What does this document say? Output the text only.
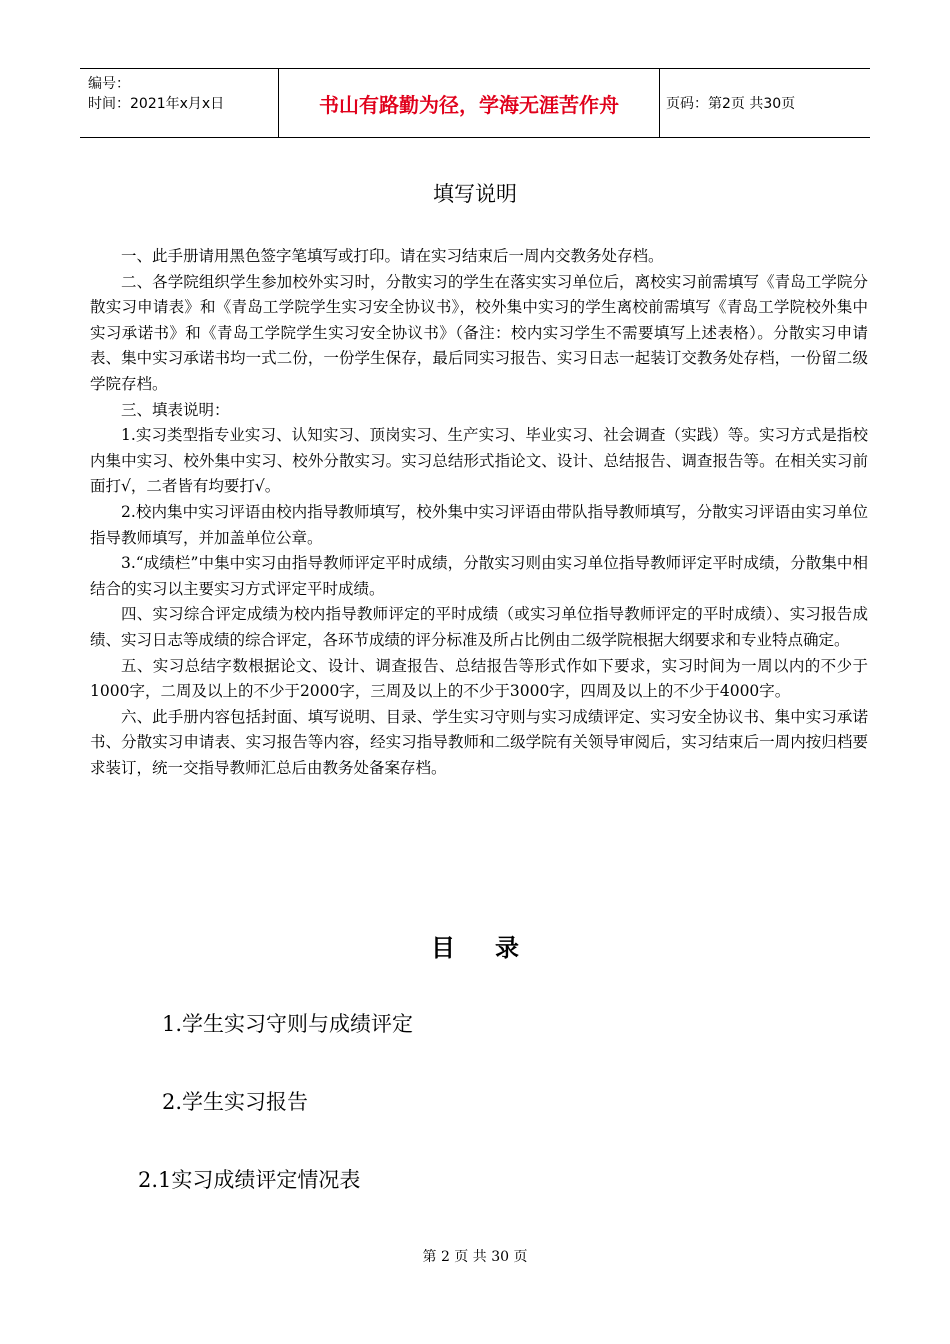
编号：
时间：2021年x月x日	书山有路勤为径，学海无涯苦作舟	页码：第2页 共30页
填写说明

一、此手册请用黑色签字笔填写或打印。请在实习结束后一周内交教务处存档。

二、各学院组织学生参加校外实习时，分散实习的学生在落实实习单位后，离校实习前需填写《青岛工学院分散实习申请表》和《青岛工学院学生实习安全协议书》，校外集中实习的学生离校前需填写《青岛工学院校外集中实习承诺书》和《青岛工学院学生实习安全协议书》（备注：校内实习学生不需要填写上述表格）。分散实习申请表、集中实习承诺书均一式二份，一份学生保存，最后同实习报告、实习日志一起装订交教务处存档，一份留二级学院存档。

三、填表说明：

1.实习类型指专业实习、认知实习、顶岗实习、生产实习、毕业实习、社会调查（实践）等。实习方式是指校内集中实习、校外集中实习、校外分散实习。实习总结形式指论文、设计、总结报告、调查报告等。在相关实习前面打√，二者皆有均要打√。

2.校内集中实习评语由校内指导教师填写，校外集中实习评语由带队指导教师填写，分散实习评语由实习单位指导教师填写，并加盖单位公章。

3.“成绩栏”中集中实习由指导教师评定平时成绩，分散实习则由实习单位指导教师评定平时成绩，分散集中相结合的实习以主要实习方式评定平时成绩。

四、实习综合评定成绩为校内指导教师评定的平时成绩（或实习单位指导教师评定的平时成绩）、实习报告成绩、实习日志等成绩的综合评定，各环节成绩的评分标准及所占比例由二级学院根据大纲要求和专业特点确定。

五、实习总结字数根据论文、设计、调查报告、总结报告等形式作如下要求，实习时间为一周以内的不少于1000字，二周及以上的不少于2000字，三周及以上的不少于3000字，四周及以上的不少于4000字。

六、此手册内容包括封面、填写说明、目录、学生实习守则与实习成绩评定、实习安全协议书、集中实习承诺书、分散实习申请表、实习报告等内容，经实习指导教师和二级学院有关领导审阅后，实习结束后一周内按归档要求装订，统一交指导教师汇总后由教务处备案存档。

目录
1.学生实习守则与成绩评定
2.学生实习报告
2.1实习成绩评定情况表
第 2 页 共 30 页
